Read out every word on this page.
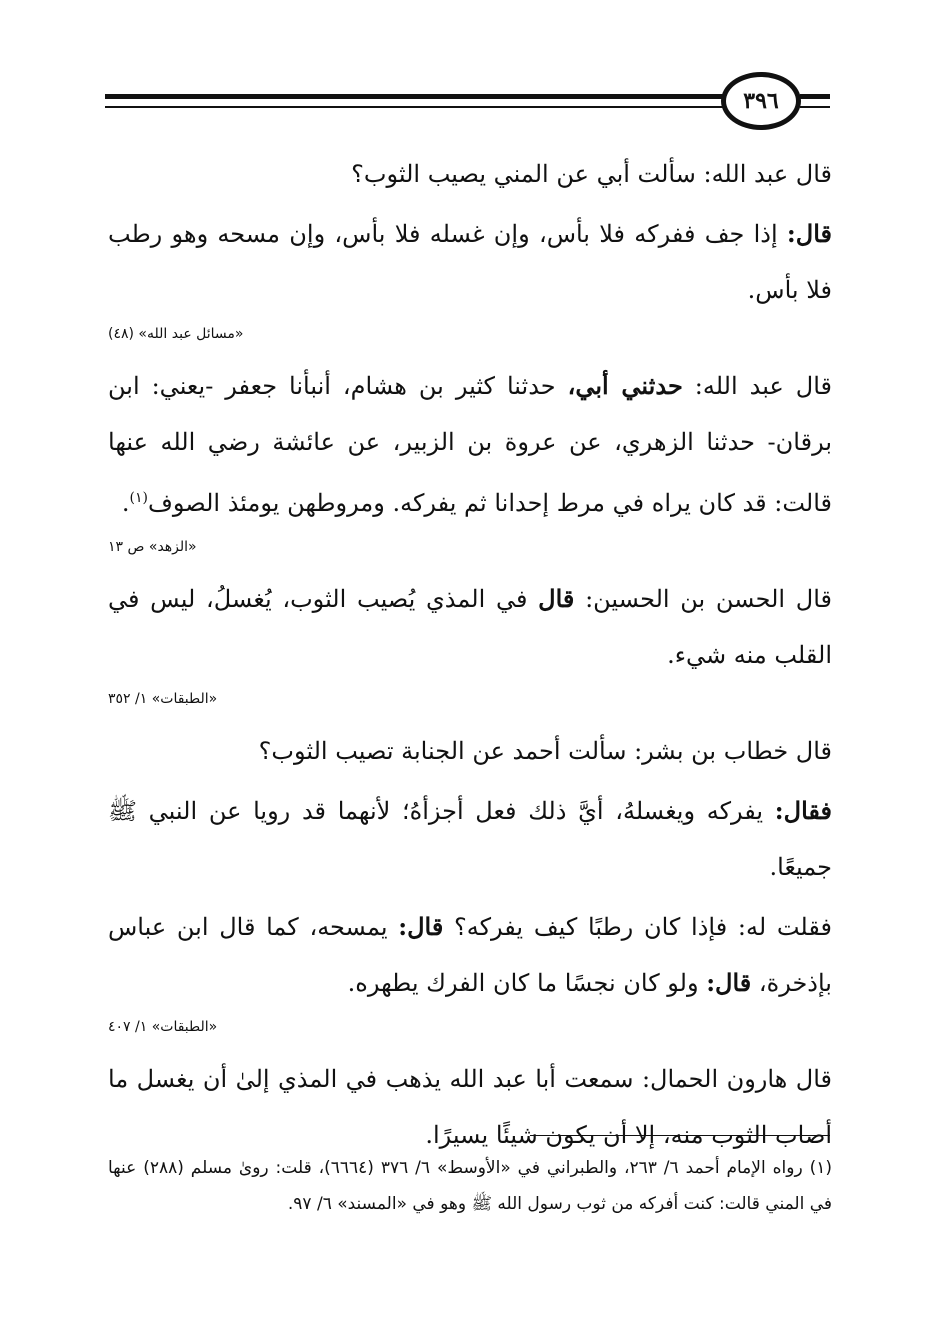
٣٩٦

قال عبد الله: سألت أبي عن المني يصيب الثوب؟

قال: إذا جف ففركه فلا بأس، وإن غسله فلا بأس، وإن مسحه وهو رطب فلا بأس.

«مسائل عبد الله» (٤٨)

قال عبد الله: حدثني أبي، حدثنا كثير بن هشام، أنبأنا جعفر -يعني: ابن برقان- حدثنا الزهري، عن عروة بن الزبير، عن عائشة رضي الله عنها قالت: قد كان يراه في مرط إحدانا ثم يفركه. ومروطهن يومئذ الصوف$^{(١)}$.

«الزهد» ص ١٣

قال الحسن بن الحسين: قال في المذي يُصيب الثوب، يُغسلُ، ليس في القلب منه شيء.

«الطبقات» ١/ ٣٥٢

قال خطاب بن بشر: سألت أحمد عن الجنابة تصيب الثوب؟

فقال: يفركه ويغسلهُ، أيَّ ذلك فعل أجزأهُ؛ لأنهما قد رويا عن النبي ﷺ جميعًا.

فقلت له: فإذا كان رطبًا كيف يفركه؟ قال: يمسحه، كما قال ابن عباس بإذخرة، قال: ولو كان نجسًا ما كان الفرك يطهره.

«الطبقات» ١/ ٤٠٧

قال هارون الحمال: سمعت أبا عبد الله يذهب في المذي إلىٰ أن يغسل ما أصاب الثوب منه، إلا أن يكون شيئًا يسيرًا.

(١) رواه الإمام أحمد ٦/ ٢٦٣، والطبراني في «الأوسط» ٦/ ٣٧٦ (٦٦٦٤)، قلت: روىٰ مسلم (٢٨٨) عنها في المني قالت: كنت أفركه من ثوب رسول الله ﷺ وهو في «المسند» ٦/ ٩٧.
